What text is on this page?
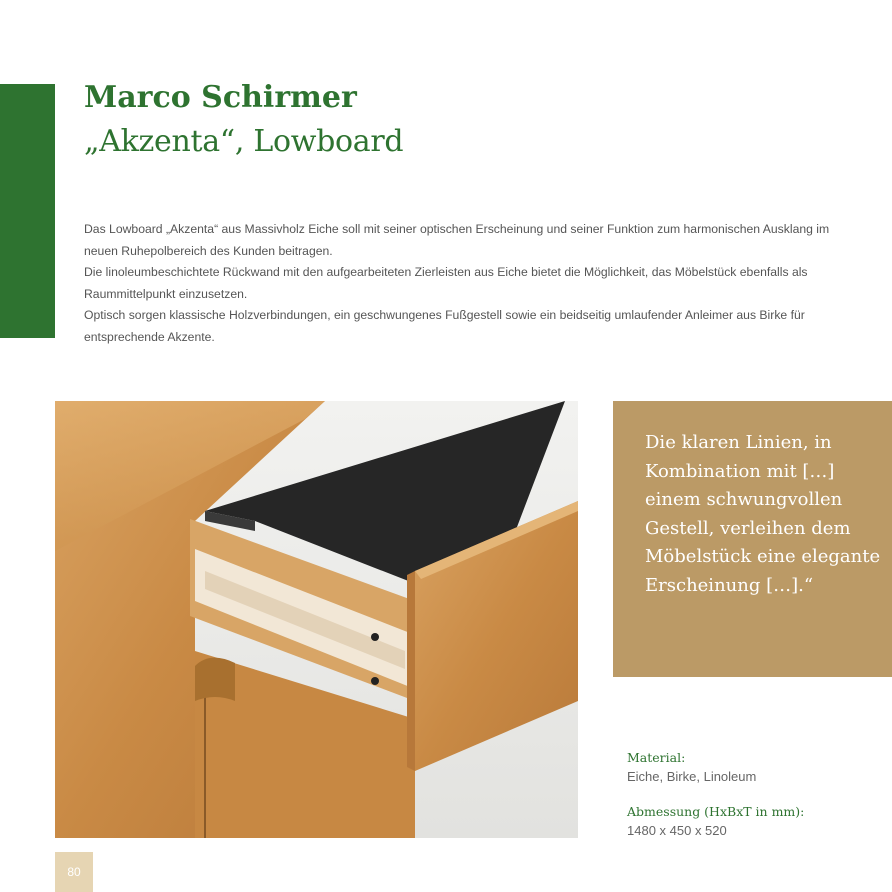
Marco Schirmer
„Akzenta“, Lowboard

Das Lowboard „Akzenta“ aus Massivholz Eiche soll mit seiner optischen Erscheinung und seiner Funktion zum harmonischen Ausklang im neuen Ruhepolbereich des Kunden beitragen.

Die linoleumbeschichtete Rückwand mit den aufgearbeiteten Zierleisten aus Eiche bietet die Möglichkeit, das Möbelstück ebenfalls als Raummittelpunkt einzusetzen.

Optisch sorgen klassische Holzverbindungen, ein geschwungenes Fußgestell sowie ein beidseitig umlaufender Anleimer aus Birke für entsprechende Akzente.

Die klaren Linien, in Kombination mit […] einem schwungvollen Gestell, verleihen dem Möbelstück eine elegante Erscheinung […].“

Material:
Eiche, Birke, Linoleum
Abmessung (HxBxT in mm):
1480 x 450 x 520
80
